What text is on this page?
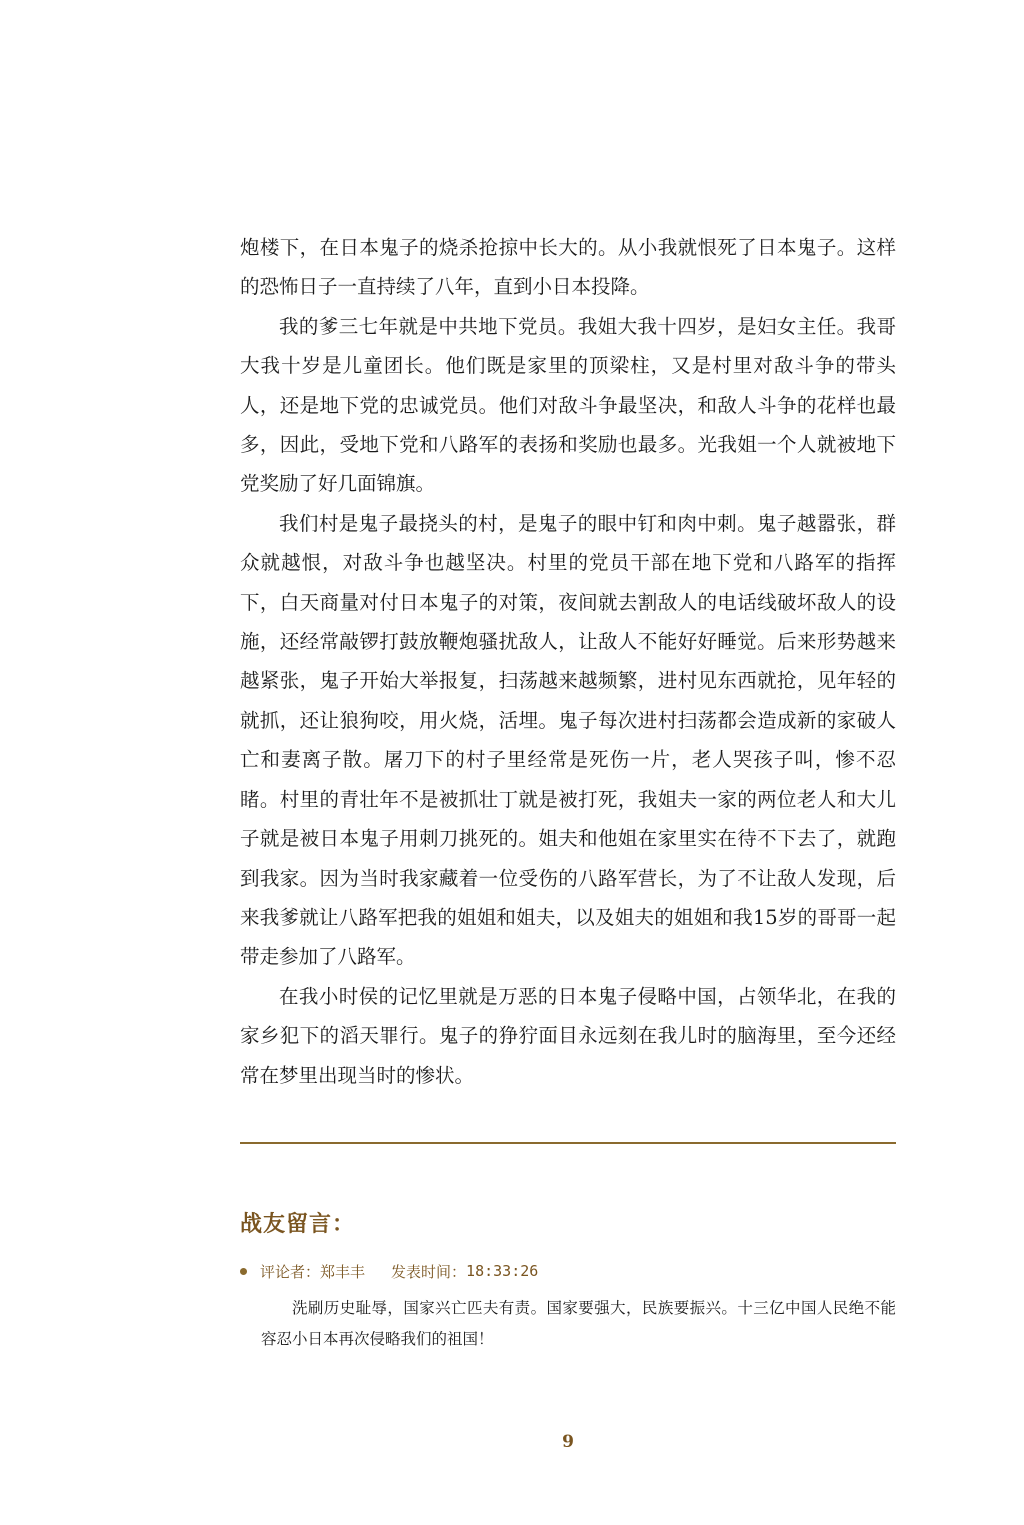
炮楼下，在日本鬼子的烧杀抢掠中长大的。从小我就恨死了日本鬼子。这样的恐怖日子一直持续了八年，直到小日本投降。

我的爹三七年就是中共地下党员。我姐大我十四岁，是妇女主任。我哥大我十岁是儿童团长。他们既是家里的顶梁柱，又是村里对敌斗争的带头人，还是地下党的忠诚党员。他们对敌斗争最坚决，和敌人斗争的花样也最多，因此，受地下党和八路军的表扬和奖励也最多。光我姐一个人就被地下党奖励了好几面锦旗。

我们村是鬼子最挠头的村，是鬼子的眼中钉和肉中刺。鬼子越嚣张，群众就越恨，对敌斗争也越坚决。村里的党员干部在地下党和八路军的指挥下，白天商量对付日本鬼子的对策，夜间就去割敌人的电话线破坏敌人的设施，还经常敲锣打鼓放鞭炮骚扰敌人，让敌人不能好好睡觉。后来形势越来越紧张，鬼子开始大举报复，扫荡越来越频繁，进村见东西就抢，见年轻的就抓，还让狼狗咬，用火烧，活埋。鬼子每次进村扫荡都会造成新的家破人亡和妻离子散。屠刀下的村子里经常是死伤一片，老人哭孩子叫，惨不忍睹。村里的青壮年不是被抓壮丁就是被打死，我姐夫一家的两位老人和大儿子就是被日本鬼子用刺刀挑死的。姐夫和他姐在家里实在待不下去了，就跑到我家。因为当时我家藏着一位受伤的八路军营长，为了不让敌人发现，后来我爹就让八路军把我的姐姐和姐夫，以及姐夫的姐姐和我15岁的哥哥一起带走参加了八路军。

在我小时侯的记忆里就是万恶的日本鬼子侵略中国，占领华北，在我的家乡犯下的滔天罪行。鬼子的狰狞面目永远刻在我儿时的脑海里，至今还经常在梦里出现当时的惨状。

战友留言：
评论者： 郑丰丰 发表时间： 18:33:26

洗刷历史耻辱，国家兴亡匹夫有责。国家要强大，民族要振兴。十三亿中国人民绝不能容忍小日本再次侵略我们的祖国！

9
